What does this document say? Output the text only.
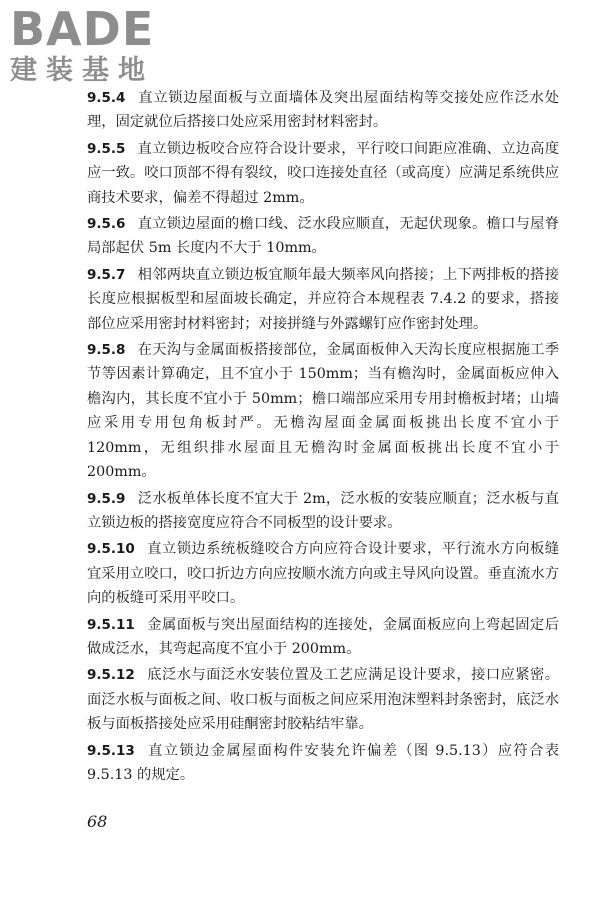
BADE
建装基地

9.5.4 直立锁边屋面板与立面墙体及突出屋面结构等交接处应作泛水处理，固定就位后搭接口处应采用密封材料密封。

9.5.5 直立锁边板咬合应符合设计要求，平行咬口间距应准确、立边高度应一致。咬口顶部不得有裂纹，咬口连接处直径（或高度）应满足系统供应商技术要求，偏差不得超过 2mm。

9.5.6 直立锁边屋面的檐口线、泛水段应顺直，无起伏现象。檐口与屋脊局部起伏 5m 长度内不大于 10mm。

9.5.7 相邻两块直立锁边板宜顺年最大频率风向搭接；上下两排板的搭接长度应根据板型和屋面坡长确定，并应符合本规程表 7.4.2 的要求，搭接部位应采用密封材料密封；对接拼缝与外露螺钉应作密封处理。

9.5.8 在天沟与金属面板搭接部位，金属面板伸入天沟长度应根据施工季节等因素计算确定，且不宜小于 150mm；当有檐沟时，金属面板应伸入檐沟内，其长度不宜小于 50mm；檐口端部应采用专用封檐板封堵；山墙应采用专用包角板封严。无檐沟屋面金属面板挑出长度不宜小于 120mm，无组织排水屋面且无檐沟时金属面板挑出长度不宜小于 200mm。

9.5.9 泛水板单体长度不宜大于 2m，泛水板的安装应顺直；泛水板与直立锁边板的搭接宽度应符合不同板型的设计要求。

9.5.10 直立锁边系统板缝咬合方向应符合设计要求，平行流水方向板缝宜采用立咬口，咬口折边方向应按顺水流方向或主导风向设置。垂直流水方向的板缝可采用平咬口。

9.5.11 金属面板与突出屋面结构的连接处，金属面板应向上弯起固定后做成泛水，其弯起高度不宜小于 200mm。

9.5.12 底泛水与面泛水安装位置及工艺应满足设计要求，接口应紧密。面泛水板与面板之间、收口板与面板之间应采用泡沫塑料封条密封，底泛水板与面板搭接处应采用硅酮密封胶粘结牢靠。

9.5.13 直立锁边金属屋面构件安装允许偏差（图 9.5.13）应符合表 9.5.13 的规定。

68
